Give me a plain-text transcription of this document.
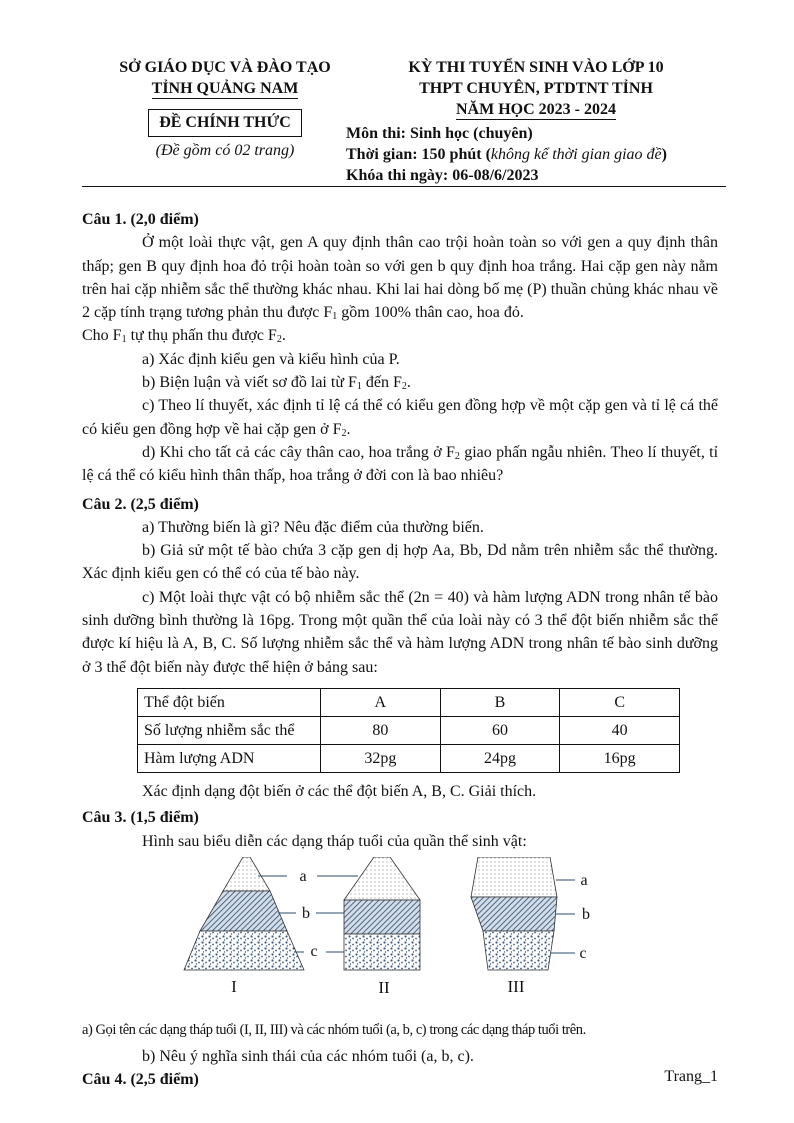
SỞ GIÁO DỤC VÀ ĐÀO TẠO
TỈNH QUẢNG NAM
ĐỀ CHÍNH THỨC
(Đề gồm có 02 trang)
KỲ THI TUYỂN SINH VÀO LỚP 10
THPT CHUYÊN, PTDTNT TỈNH
NĂM HỌC 2023 - 2024
Môn thi: Sinh học (chuyên)
Thời gian: 150 phút (không kể thời gian giao đề)
Khóa thi ngày: 06-08/6/2023

Câu 1. (2,0 điểm)

Ở một loài thực vật, gen A quy định thân cao trội hoàn toàn so với gen a quy định thân thấp; gen B quy định hoa đỏ trội hoàn toàn so với gen b quy định hoa trắng. Hai cặp gen này nằm trên hai cặp nhiễm sắc thể thường khác nhau. Khi lai hai dòng bố mẹ (P) thuần chủng khác nhau về 2 cặp tính trạng tương phản thu được $F_1$ gồm 100% thân cao, hoa đỏ.

Cho $F_1$ tự thụ phấn thu được $F_2$.

a) Xác định kiểu gen và kiểu hình của P.

b) Biện luận và viết sơ đồ lai từ $F_1$ đến $F_2$.

c) Theo lí thuyết, xác định tỉ lệ cá thể có kiểu gen đồng hợp về một cặp gen và tỉ lệ cá thể có kiểu gen đồng hợp về hai cặp gen ở $F_2$.

d) Khi cho tất cả các cây thân cao, hoa trắng ở $F_2$ giao phấn ngẫu nhiên. Theo lí thuyết, tỉ lệ cá thể có kiểu hình thân thấp, hoa trắng ở đời con là bao nhiêu?

Câu 2. (2,5 điểm)

a) Thường biến là gì? Nêu đặc điểm của thường biến.

b) Giả sử một tế bào chứa 3 cặp gen dị hợp Aa, Bb, Dd nằm trên nhiễm sắc thể thường. Xác định kiểu gen có thể có của tế bào này.

c) Một loài thực vật có bộ nhiễm sắc thể (2n = 40) và hàm lượng ADN trong nhân tế bào sinh dưỡng bình thường là 16pg. Trong một quần thể của loài này có 3 thể đột biến nhiễm sắc thể được kí hiệu là A, B, C. Số lượng nhiễm sắc thể và hàm lượng ADN trong nhân tế bào sinh dưỡng ở 3 thể đột biến này được thể hiện ở bảng sau:

Thể đột biến	A	B	C
Số lượng nhiễm sắc thể	80	60	40
Hàm lượng ADN	32pg	24pg	16pg

Xác định dạng đột biến ở các thể đột biến A, B, C. Giải thích.

Câu 3. (1,5 điểm)

Hình sau biểu diễn các dạng tháp tuổi của quần thể sinh vật:

a
b
c
a
b
c
I	II	III

a) Gọi tên các dạng tháp tuổi (I, II, III) và các nhóm tuổi (a, b, c) trong các dạng tháp tuổi trên.

b) Nêu ý nghĩa sinh thái của các nhóm tuổi (a, b, c).

Câu 4. (2,5 điểm)	Trang_1
